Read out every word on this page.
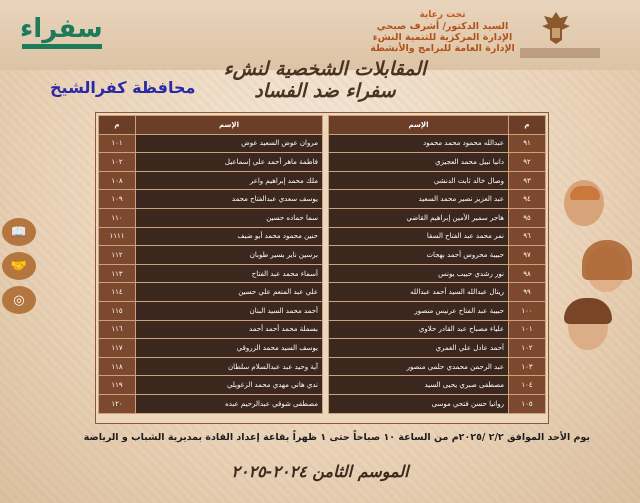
سفراء	تحت رعاية
السيد الدكتور/ أشرف صبحي
الإدارة المركزية للتنمية النشء
الإدارة العامة للبرامج والأنشطة
المقابلات الشخصية لنشء
سفراء ضد الفساد
محافظة كفرالشيخ
📖
🤝
◎
م	الإسم
١٠١	مروان عوض السعيد عوض
١٠٢	فاطمة ماهر أحمد علي إسماعيل
١٠٨	ملك محمد إبراهيم واعر
١٠٩	يوسف سعدي عبدالفتاح محمد
١١٠	سما حماده حسين
١١١١	حنين محمود محمد أبو ضيف
١١٢	برسين ناير بسير طوبان
١١٣	أسماء محمد عبد الفتاح
١١٤	علي عبد المنعم علي حسين
١١٥	أحمد محمد السيد البنان
١١٦	بسملة محمد أحمد أحمد
١١٧	يوسف السيد محمد الزروقي
١١٨	آية وحيد عبد عبدالسلام سلطان
١١٩	ندي هاني مهدي محمد الزغويلي
١٢٠	مصطفى شوقي عبدالرحيم عبده
الإسم	م
عبدالله محمود محمد محمود	٩١
دانيا نبيل محمد العجيزي	٩٢
وصال خالد ثابت الدنشي	٩٣
عبد العزيز نصير محمد السعيد	٩٤
هاجر سمير الأمين إبراهيم القاضي	٩٥
نمر محمد عبد الفتاح السقا	٩٦
حبيبة محروس أحمد بهجات	٩٧
نور رشدي حبيب يونس	٩٨
ريتال عبدالله السيد أحمد عبدالله	٩٩
حبيبة عبد الفتاح عرنيس منصور	١٠٠
علياء مصباح عبد القادر حلاوي	١٠١
أحمد عادل علي الغمري	١٠٢
عبد الرحمن محمدي حلمي منصور	١٠٣
مصطفى صبري يحيى السيد	١٠٤
روانيا حسن فتحي موسى	١٠٥
يوم الأحد الموافق ٢/٢ /٢٠٢٥م من الساعة ١٠ صباحاً حتى ١ ظهراً بقاعة إعداد القادة بمديرية الشباب و الرياضة
الموسم الثامن ٢٠٢٤-٢٠٢٥
